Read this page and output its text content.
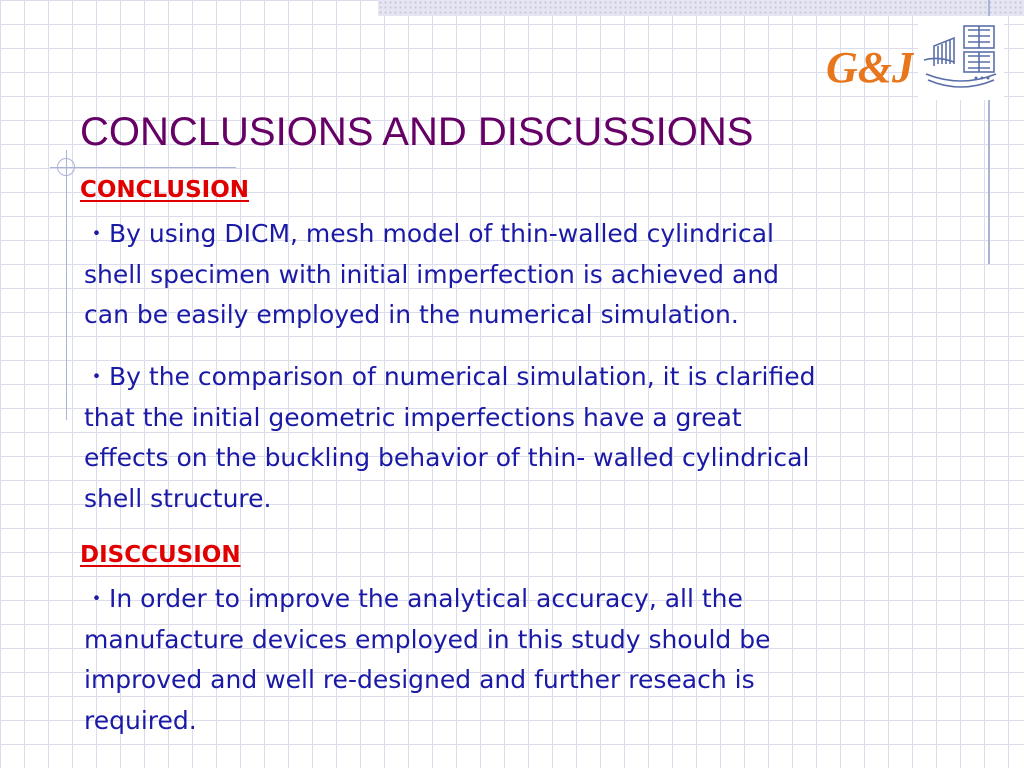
G&J
CONCLUSIONS AND DISCUSSIONS
CONCLUSION

・By using DICM, mesh model of thin-walled cylindrical
shell specimen with initial imperfection is achieved and
can be easily employed in the numerical simulation.

・By the comparison of numerical simulation, it is clarified
that the initial geometric imperfections have a great
effects on the buckling behavior of thin- walled cylindrical
shell structure.

DISCCUSION

・In order to improve the analytical accuracy, all the
manufacture devices employed in this study should be
improved and well re-designed and further reseach is
required.
